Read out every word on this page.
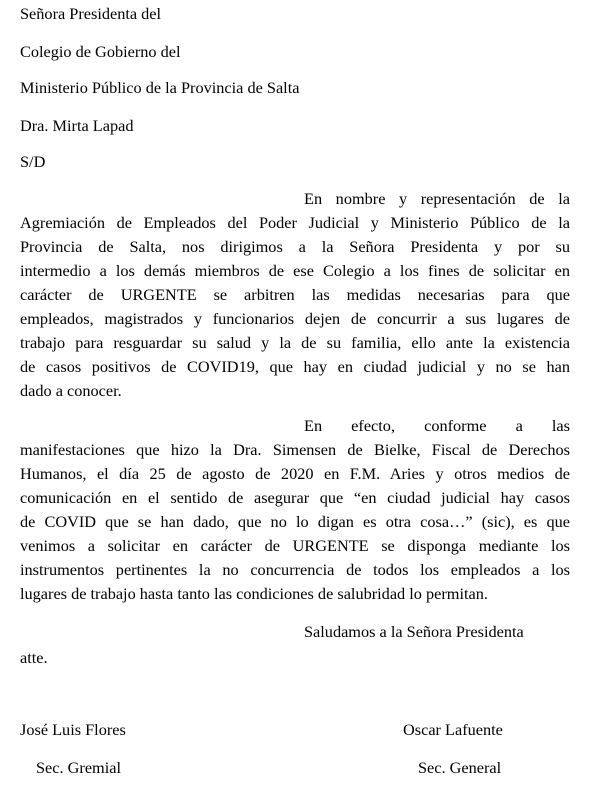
Señora Presidenta del
Colegio de Gobierno del
Ministerio Público de la Provincia de Salta
Dra. Mirta Lapad
S/D
En nombre y representación de la
Agremiación de Empleados del Poder Judicial y Ministerio Público de la
Provincia de Salta, nos dirigimos a la Señora Presidenta y por su
intermedio a los demás miembros de ese Colegio a los fines de solicitar en
carácter de URGENTE se arbitren las medidas necesarias para que
empleados, magistrados y funcionarios dejen de concurrir a sus lugares de
trabajo para resguardar su salud y la de su familia, ello ante la existencia
de casos positivos de COVID19, que hay en ciudad judicial y no se han
dado a conocer.
En efecto, conforme a las
manifestaciones que hizo la Dra. Simensen de Bielke, Fiscal de Derechos
Humanos, el día 25 de agosto de 2020 en F.M. Aries y otros medios de
comunicación en el sentido de asegurar que “en ciudad judicial hay casos
de COVID que se han dado, que no lo digan es otra cosa…” (sic), es que
venimos a solicitar en carácter de URGENTE se disponga mediante los
instrumentos pertinentes la no concurrencia de todos los empleados a los
lugares de trabajo hasta tanto las condiciones de salubridad lo permitan.
Saludamos a la Señora Presidenta
atte.
José Luis Flores
Sec. Gremial
Oscar Lafuente
Sec. General
